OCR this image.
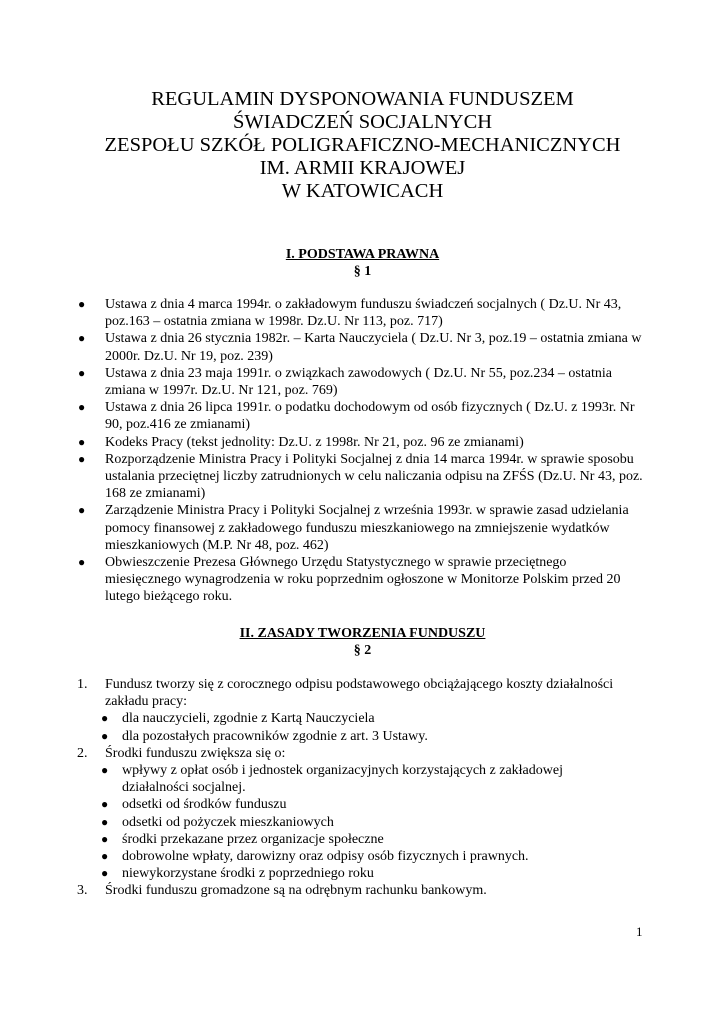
REGULAMIN DYSPONOWANIA FUNDUSZEM
ŚWIADCZEŃ SOCJALNYCH
ZESPOŁU SZKÓŁ POLIGRAFICZNO-MECHANICZNYCH
IM. ARMII KRAJOWEJ
W KATOWICACH
I. PODSTAWA PRAWNA
§ 1
● Ustawa z dnia 4 marca 1994r. o zakładowym funduszu świadczeń socjalnych ( Dz.U. Nr 43, poz.163 – ostatnia zmiana w 1998r. Dz.U. Nr 113, poz. 717)
● Ustawa z dnia 26 stycznia 1982r. – Karta Nauczyciela ( Dz.U. Nr 3, poz.19 – ostatnia zmiana w 2000r. Dz.U. Nr 19, poz. 239)
● Ustawa z dnia 23 maja 1991r. o związkach zawodowych ( Dz.U. Nr 55, poz.234 – ostatnia zmiana w 1997r. Dz.U. Nr 121, poz. 769)
● Ustawa z dnia 26 lipca 1991r. o podatku dochodowym od osób fizycznych ( Dz.U. z 1993r. Nr 90, poz.416 ze zmianami)
● Kodeks Pracy (tekst jednolity: Dz.U. z 1998r. Nr 21, poz. 96 ze zmianami)
● Rozporządzenie Ministra Pracy i Polityki Socjalnej z dnia 14 marca 1994r. w sprawie sposobu ustalania przeciętnej liczby zatrudnionych w celu naliczania odpisu na ZFŚS (Dz.U. Nr 43, poz. 168 ze zmianami)
● Zarządzenie Ministra Pracy i Polityki Socjalnej z września 1993r. w sprawie zasad udzielania pomocy finansowej z zakładowego funduszu mieszkaniowego na zmniejszenie wydatków mieszkaniowych (M.P. Nr 48, poz. 462)
● Obwieszczenie Prezesa Głównego Urzędu Statystycznego w sprawie przeciętnego miesięcznego wynagrodzenia w roku poprzednim ogłoszone w Monitorze Polskim przed 20 lutego bieżącego roku.
II. ZASADY TWORZENIA FUNDUSZU
§ 2
1. Fundusz tworzy się z corocznego odpisu podstawowego obciążającego koszty działalności zakładu pracy:
● dla nauczycieli, zgodnie z Kartą Nauczyciela
● dla pozostałych pracowników zgodnie z art. 3 Ustawy.
2. Środki funduszu zwiększa się o:
● wpływy z opłat osób i jednostek organizacyjnych korzystających z zakładowej działalności socjalnej.
● odsetki od środków funduszu
● odsetki od pożyczek mieszkaniowych
● środki przekazane przez organizacje społeczne
● dobrowolne wpłaty, darowizny oraz odpisy osób fizycznych i prawnych.
● niewykorzystane środki z poprzedniego roku
3. Środki funduszu gromadzone są na odrębnym rachunku bankowym.
1
